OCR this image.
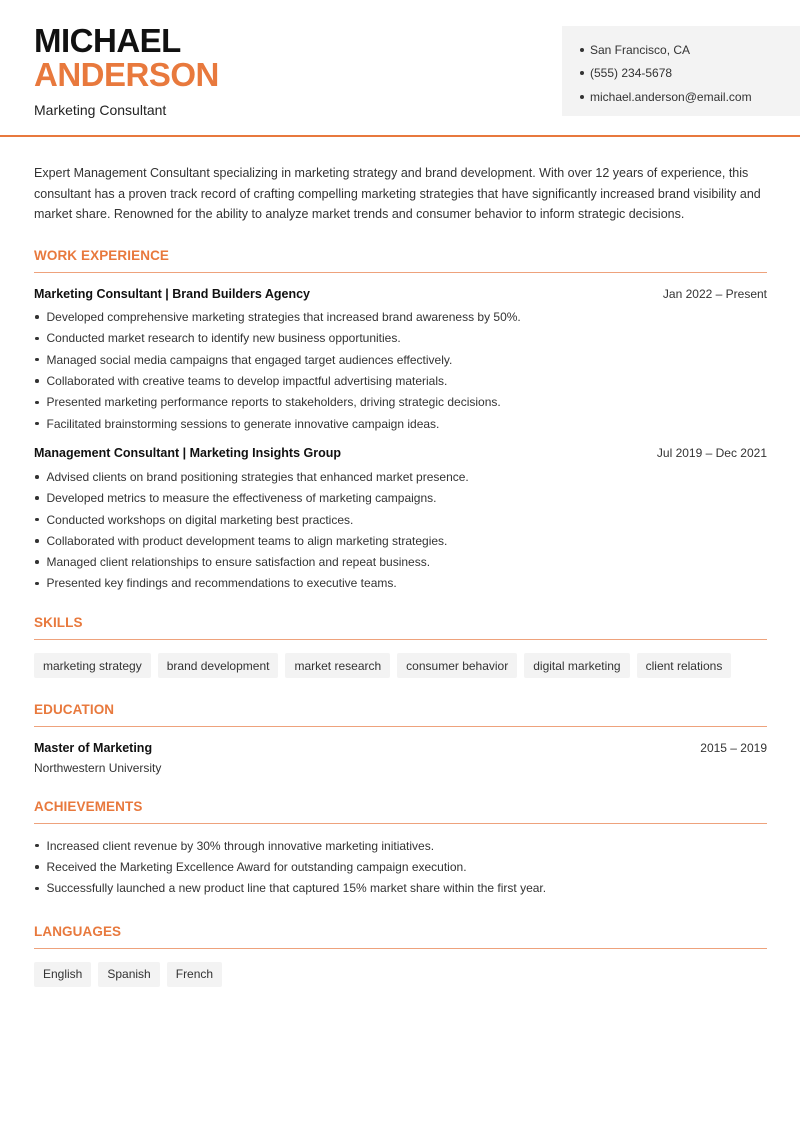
MICHAEL
ANDERSON
Marketing Consultant
San Francisco, CA
(555) 234-5678
michael.anderson@email.com

Expert Management Consultant specializing in marketing strategy and brand development. With over 12 years of experience, this consultant has a proven track record of crafting compelling marketing strategies that have significantly increased brand visibility and market share. Renowned for the ability to analyze market trends and consumer behavior to inform strategic decisions.

WORK EXPERIENCE
Marketing Consultant | Brand Builders Agency	Jan 2022 – Present
Developed comprehensive marketing strategies that increased brand awareness by 50%.
Conducted market research to identify new business opportunities.
Managed social media campaigns that engaged target audiences effectively.
Collaborated with creative teams to develop impactful advertising materials.
Presented marketing performance reports to stakeholders, driving strategic decisions.
Facilitated brainstorming sessions to generate innovative campaign ideas.
Management Consultant | Marketing Insights Group	Jul 2019 – Dec 2021
Advised clients on brand positioning strategies that enhanced market presence.
Developed metrics to measure the effectiveness of marketing campaigns.
Conducted workshops on digital marketing best practices.
Collaborated with product development teams to align marketing strategies.
Managed client relationships to ensure satisfaction and repeat business.
Presented key findings and recommendations to executive teams.
SKILLS
marketing strategy	brand development	market research	consumer behavior	digital marketing	client relations
EDUCATION
Master of Marketing	2015 – 2019
Northwestern University
ACHIEVEMENTS
Increased client revenue by 30% through innovative marketing initiatives.
Received the Marketing Excellence Award for outstanding campaign execution.
Successfully launched a new product line that captured 15% market share within the first year.
LANGUAGES
English	Spanish	French
